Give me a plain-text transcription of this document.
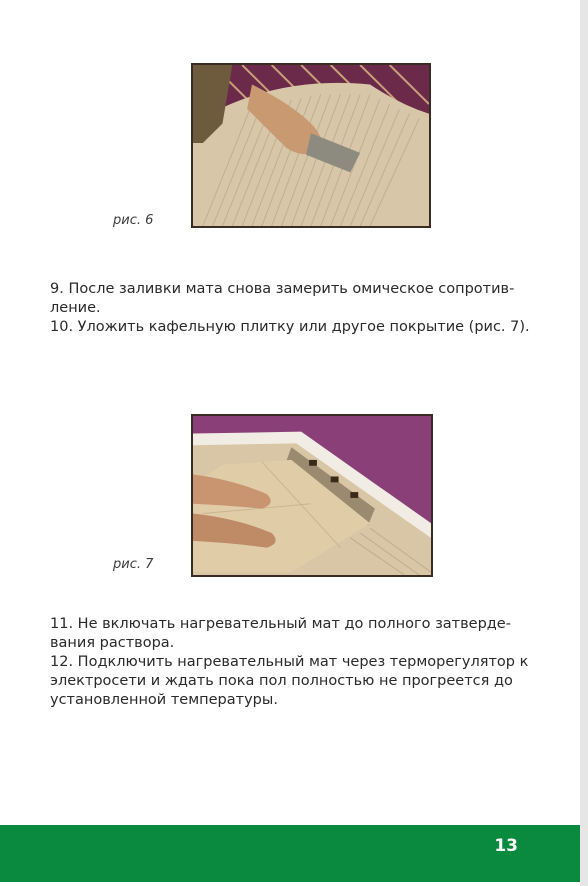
рис. 6

9. После заливки мата снова замерить омическое сопротив-ление.

10. Уложить кафельную плитку или другое покрытие (рис. 7).

рис. 7

11. Не включать нагревательный мат до полного затверде-вания раствора.

12. Подключить нагревательный мат через терморегулятор к электросети и ждать пока пол полностью не прогреется до установленной температуры.

13
